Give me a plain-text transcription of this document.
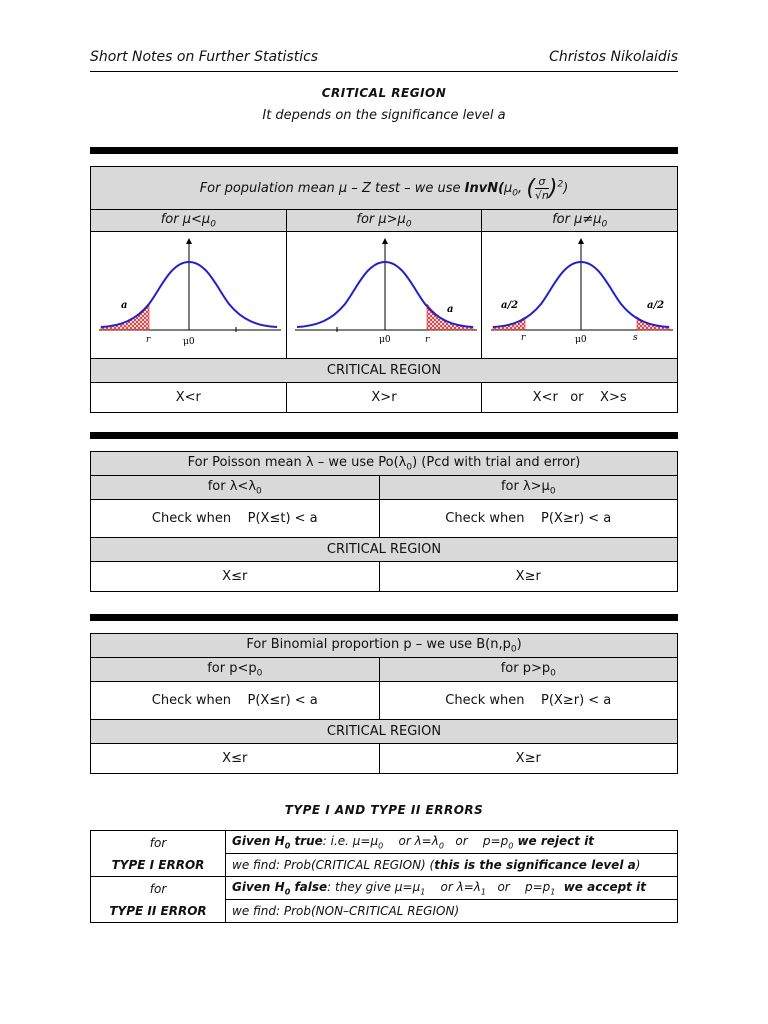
Short Notes on Further Statistics	Christos Nikolaidis
CRITICAL REGION
It depends on the significance level a
For population mean μ – Z test – we use $InvN(\mu_0$, ( $\frac{\sigma}{√n} )^2$)		
for $\mu<\mu_0$	for $\mu>\mu_0$	for $\mu\ne\mu_0$

a
r μ0	a
μ0 r	a/2 a/2
r μ0 s

CRITICAL REGION		
X<r	X>r	X<r   or    X>s
For Poisson mean λ – we use $Po(\lambda_0)$ (Pcd with trial and error)	
for $\lambda<\lambda_0$	for $\lambda>\mu_0$
Check when    P(X≤t) < a	Check when    P(X≥r) < a
CRITICAL REGION	
X≤r	X≥r
For Binomial proportion p – we use $B(n,p_0)$	
for $p<p_0$	for $p>p_0$
Check when    P(X≤r) < a	Check when    P(X≥r) < a
CRITICAL REGION	
X≤r	X≥r
TYPE I AND TYPE II ERRORS
for
TYPE I ERROR	Given $H_0$ true: i.e. $\mu=\mu_0$    or $\lambda=\lambda_0$   or    $p=p_0$ we reject it
	we find: Prob(CRITICAL REGION) (this is the significance level a)

for
TYPE II ERROR	Given $H_0$ false: they give $\mu=\mu_1$    or $\lambda=\lambda_1$   or    $p=p_1$  we accept it
	we find: Prob(NON–CRITICAL REGION)
